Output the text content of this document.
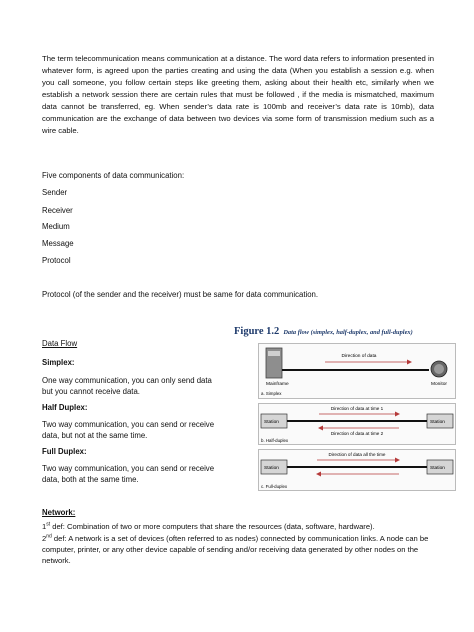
The term telecommunication means communication at a distance. The word data refers to information presented in whatever form, is agreed upon the parties creating and using the data (When you establish a session e.g. when you call someone, you follow certain steps like greeting them, asking about their health etc, similarly when we establish a network session there are certain rules that must be followed , if the media is mismatched, maximum data cannot be transferred, eg. When sender’s data rate is 100mb and receiver’s data rate is 10mb), data communication are the exchange of data between two devices via some form of transmission medium such as a wire cable.

Five components of data communication:
Sender
Receiver
Medium
Message
Protocol
Protocol (of the sender and the receiver) must be same for data communication.
Data Flow
Simplex:
One way communication, you can only send data
but you cannot receive data.
Half Duplex:
Two way communication, you can send or receive
data, but not at the same time.
Full Duplex:
Two way communication, you can send or receive
data, both at the same time.
Figure 1.2 Data flow (simplex, half-duplex, and full-duplex)
Direction of data
Mainframe	Monitor
a. Simplex
Station	Station
Direction of data at time 1
Direction of data at time 2
b. Half-duplex
Station	Station
Direction of data all the time
c. Full-duplex
Network:

1st def: Combination of two or more computers that share the resources (data, software, hardware).

2nd def: A network is a set of devices (often referred to as nodes) connected by communication links. A node can be computer, printer, or any other device capable of sending and/or receiving data generated by other nodes on the network.
